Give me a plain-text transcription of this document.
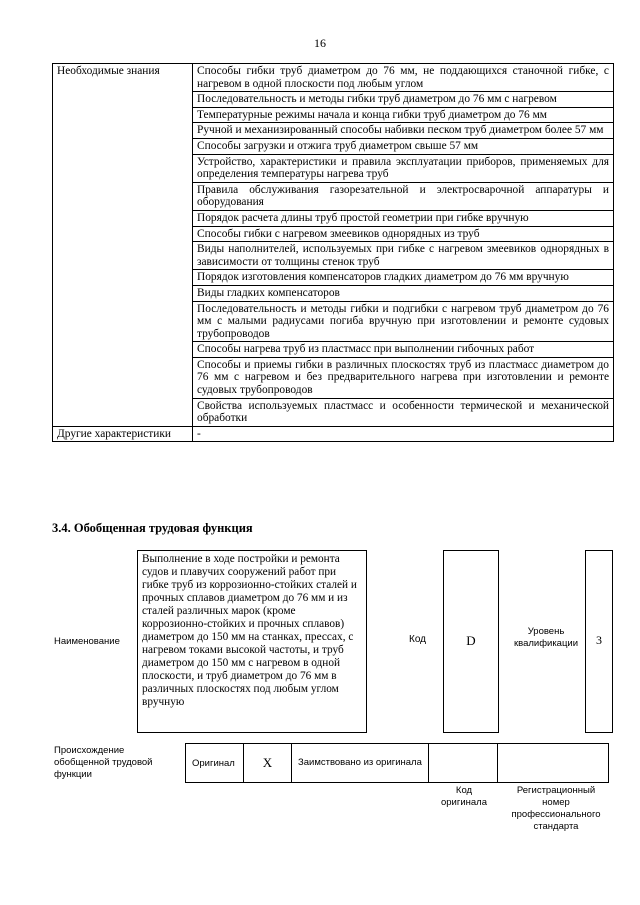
16
Необходимые знания	Способы гибки труб диаметром до 76 мм, не поддающихся станочной гибке, с нагревом в одной плоскости под любым углом
	Последовательность и методы гибки труб диаметром до 76 мм с нагревом
	Температурные режимы начала и конца гибки труб диаметром до 76 мм
	Ручной и механизированный способы набивки песком труб диаметром более 57 мм
	Способы загрузки и отжига труб диаметром свыше 57 мм
	Устройство, характеристики и правила эксплуатации приборов, применяемых для определения температуры нагрева труб
	Правила обслуживания газорезательной и электросварочной аппаратуры и оборудования
	Порядок расчета длины труб простой геометрии при гибке вручную
	Способы гибки с нагревом змеевиков однорядных из труб
	Виды наполнителей, используемых при гибке с нагревом змеевиков однорядных в зависимости от толщины стенок труб
	Порядок изготовления компенсаторов гладких диаметром до 76 мм вручную
	Виды гладких компенсаторов
	Последовательность и методы гибки и подгибки с нагревом труб диаметром до 76 мм с малыми радиусами погиба вручную при изготовлении и ремонте судовых трубопроводов
	Способы нагрева труб из пластмасс при выполнении гибочных работ
	Способы и приемы гибки в различных плоскостях труб из пластмасс диаметром до 76 мм с нагревом и без предварительного нагрева при изготовлении и ремонте судовых трубопроводов
	Свойства используемых пластмасс и особенности термической и механической обработки
Другие характеристики	-
3.4. Обобщенная трудовая функция
Наименование
Выполнение в ходе постройки и ремонта судов и плавучих сооружений работ при гибке труб из коррозионно-стойких сталей и прочных сплавов диаметром до 76 мм и из сталей различных марок (кроме коррозионно-стойких и прочных сплавов) диаметром до 150 мм на станках, прессах, с нагревом токами высокой частоты, и труб диаметром до 150 мм с нагревом в одной плоскости, и труб диаметром до 76 мм в различных плоскостях под любым углом вручную
Код	D
Уровень квалификации	3
Происхождение обобщенной трудовой функции
Оригинал	X	Заимствовано из оригинала		
Код оригинала
Регистрационный номер профессионального стандарта
